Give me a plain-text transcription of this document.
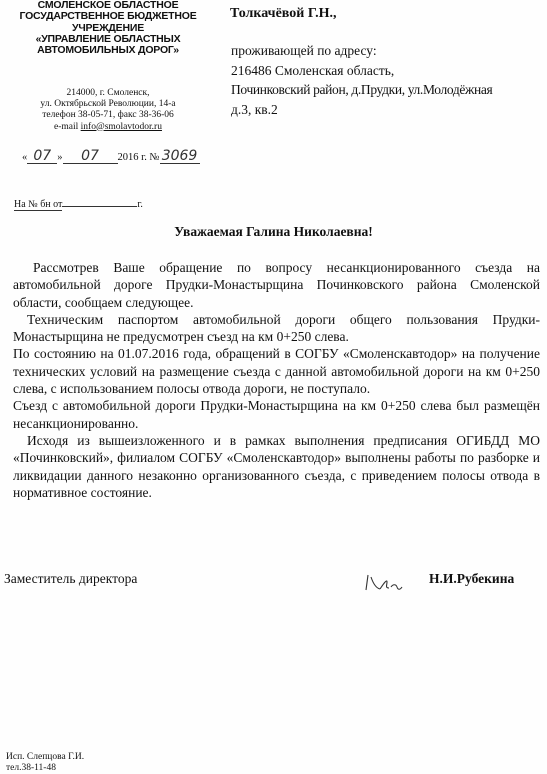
СМОЛЕНСКОЕ ОБЛАСТНОЕ
ГОСУДАРСТВЕННОЕ БЮДЖЕТНОЕ
УЧРЕЖДЕНИЕ
«УПРАВЛЕНИЕ ОБЛАСТНЫХ
АВТОМОБИЛЬНЫХ ДОРОГ»
214000, г. Смоленск,
ул. Октябрьской Революции, 14-а
телефон 38-05-71, факс 38-36-06
e-mail info@smolavtodor.ru
« 07 » 07 2016 г. № 3069
На № бн от	г.
Толкачёвой Г.Н.,
проживающей по адресу:
216486 Смоленская область,
Починковский район, д.Прудки, ул.Молодёжная
д.3, кв.2
Уважаемая Галина Николаевна!

Рассмотрев Ваше обращение по вопросу несанкционированного съезда на автомобильной дороге Прудки-Монастырщина Починковского района Смоленской области, сообщаем следующее.

Техническим паспортом автомобильной дороги общего пользования Прудки-Монастырщина не предусмотрен съезд на км 0+250 слева.

По состоянию на 01.07.2016 года, обращений в СОГБУ «Смоленскавтодор» на получение технических условий на размещение съезда с данной автомобильной дороги на км 0+250 слева, с использованием полосы отвода дороги, не поступало.

Съезд с автомобильной дороги Прудки-Монастырщина на км 0+250 слева был размещён несанкционированно.

Исходя из вышеизложенного и в рамках выполнения предписания ОГИБДД МО «Починковский», филиалом СОГБУ «Смоленскавтодор» выполнены работы по разборке и ликвидации данного незаконно организованного съезда, с приведением полосы отвода в нормативное состояние.

Заместитель директора	Н.И.Рубекина
Исп. Слепцова Г.И.
тел.38-11-48
